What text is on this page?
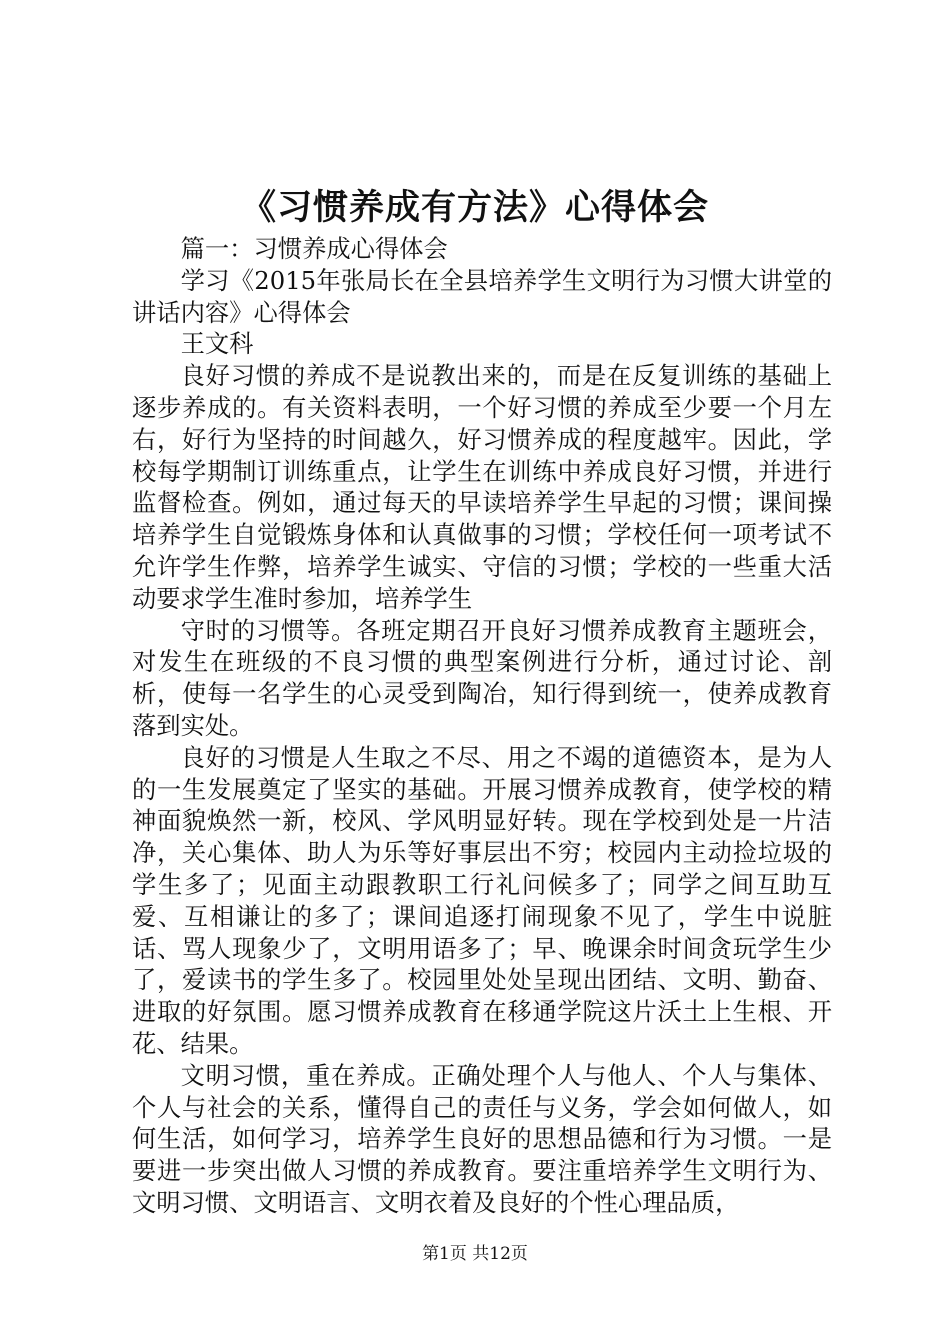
《习惯养成有方法》心得体会

篇一：习惯养成心得体会

学习《2015年张局长在全县培养学生文明行为习惯大讲堂的讲话内容》心得体会

王文科

良好习惯的养成不是说教出来的，而是在反复训练的基础上逐步养成的。有关资料表明，一个好习惯的养成至少要一个月左右，好行为坚持的时间越久，好习惯养成的程度越牢。因此，学校每学期制订训练重点，让学生在训练中养成良好习惯，并进行监督检查。例如，通过每天的早读培养学生早起的习惯；课间操培养学生自觉锻炼身体和认真做事的习惯；学校任何一项考试不允许学生作弊，培养学生诚实、守信的习惯；学校的一些重大活动要求学生准时参加，培养学生

守时的习惯等。各班定期召开良好习惯养成教育主题班会，对发生在班级的不良习惯的典型案例进行分析，通过讨论、剖析，使每一名学生的心灵受到陶冶，知行得到统一，使养成教育落到实处。

良好的习惯是人生取之不尽、用之不竭的道德资本，是为人的一生发展奠定了坚实的基础。开展习惯养成教育，使学校的精神面貌焕然一新，校风、学风明显好转。现在学校到处是一片洁净，关心集体、助人为乐等好事层出不穷；校园内主动捡垃圾的学生多了；见面主动跟教职工行礼问候多了；同学之间互助互爱、互相谦让的多了；课间追逐打闹现象不见了，学生中说脏话、骂人现象少了，文明用语多了；早、晚课余时间贪玩学生少了，爱读书的学生多了。校园里处处呈现出团结、文明、勤奋、进取的好氛围。愿习惯养成教育在移通学院这片沃土上生根、开花、结果。

文明习惯，重在养成。正确处理个人与他人、个人与集体、个人与社会的关系，懂得自己的责任与义务，学会如何做人，如何生活，如何学习，培养学生良好的思想品德和行为习惯。一是要进一步突出做人习惯的养成教育。要注重培养学生文明行为、文明习惯、文明语言、文明衣着及良好的个性心理品质，

第1页 共12页
